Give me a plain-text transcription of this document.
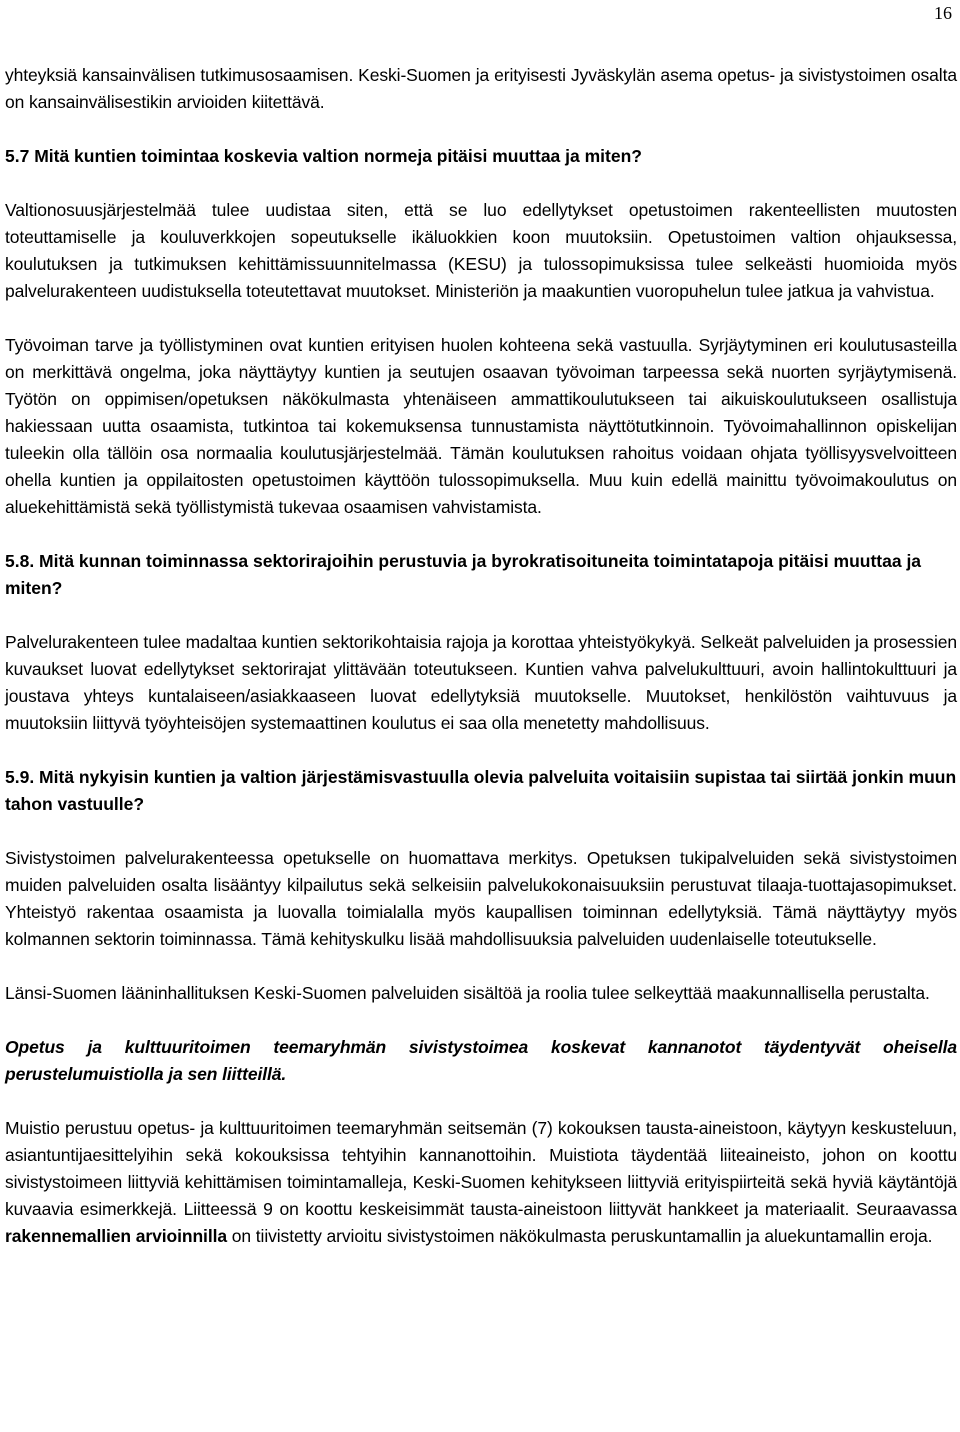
16

yhteyksiä kansainvälisen tutkimusosaamisen. Keski-Suomen ja erityisesti Jyväskylän asema opetus- ja sivistystoimen osalta on kansainvälisestikin arvioiden kiitettävä.

5.7 Mitä kuntien toimintaa koskevia valtion normeja pitäisi muuttaa ja miten?

Valtionosuusjärjestelmää tulee uudistaa siten, että se luo edellytykset opetustoimen rakenteellisten muutosten toteuttamiselle ja kouluverkkojen sopeutukselle ikäluokkien koon muutoksiin. Opetustoimen valtion ohjauksessa, koulutuksen ja tutkimuksen kehittämissuunnitelmassa (KESU) ja tulossopimuksissa tulee selkeästi huomioida myös palvelurakenteen uudistuksella toteutettavat muutokset. Ministeriön ja maakuntien vuoropuhelun tulee jatkua ja vahvistua.

Työvoiman tarve ja työllistyminen ovat kuntien erityisen huolen kohteena sekä vastuulla. Syrjäytyminen eri koulutusasteilla on merkittävä ongelma, joka näyttäytyy kuntien ja seutujen osaavan työvoiman tarpeessa sekä nuorten syrjäytymisenä. Työtön on oppimisen/opetuksen näkökulmasta yhtenäiseen ammattikoulutukseen tai aikuiskoulutukseen osallistuja hakiessaan uutta osaamista, tutkintoa tai kokemuksensa tunnustamista näyttötutkinnoin. Työvoimahallinnon opiskelijan tuleekin olla tällöin osa normaalia koulutusjärjestelmää. Tämän koulutuksen rahoitus voidaan ohjata työllisyysvelvoitteen ohella kuntien ja oppilaitosten opetustoimen käyttöön tulossopimuksella. Muu kuin edellä mainittu työvoimakoulutus on aluekehittämistä sekä työllistymistä tukevaa osaamisen vahvistamista.

5.8. Mitä kunnan toiminnassa sektorirajoihin perustuvia ja byrokratisoituneita toimintatapoja pitäisi muuttaa ja miten?

Palvelurakenteen tulee madaltaa kuntien sektorikohtaisia rajoja ja korottaa yhteistyökykyä. Selkeät palveluiden ja prosessien kuvaukset luovat edellytykset sektorirajat ylittävään toteutukseen. Kuntien vahva palvelukulttuuri, avoin hallintokulttuuri ja joustava yhteys kuntalaiseen/asiakkaaseen luovat edellytyksiä muutokselle. Muutokset, henkilöstön vaihtuvuus ja muutoksiin liittyvä työyhteisöjen systemaattinen koulutus ei saa olla menetetty mahdollisuus.

5.9. Mitä nykyisin kuntien ja valtion järjestämisvastuulla olevia palveluita voitaisiin supistaa tai siirtää jonkin muun tahon vastuulle?

Sivistystoimen palvelurakenteessa opetukselle on huomattava merkitys. Opetuksen tukipalveluiden sekä sivistystoimen muiden palveluiden osalta lisääntyy kilpailutus sekä selkeisiin palvelukokonaisuuksiin perustuvat tilaaja-tuottajasopimukset. Yhteistyö rakentaa osaamista ja luovalla toimialalla myös kaupallisen toiminnan edellytyksiä. Tämä näyttäytyy myös kolmannen sektorin toiminnassa. Tämä kehityskulku lisää mahdollisuuksia palveluiden uudenlaiselle toteutukselle.

Länsi-Suomen lääninhallituksen Keski-Suomen palveluiden sisältöä ja roolia tulee selkeyttää maakunnallisella perustalta.

Opetus ja kulttuuritoimen teemaryhmän sivistystoimea koskevat kannanotot täydentyvät oheisella perustelumuistiolla ja sen liitteillä.

Muistio perustuu opetus- ja kulttuuritoimen teemaryhmän seitsemän (7) kokouksen tausta-aineistoon, käytyyn keskusteluun, asiantuntijaesittelyihin sekä kokouksissa tehtyihin kannanottoihin. Muistiota täydentää liiteaineisto, johon on koottu sivistystoimeen liittyviä kehittämisen toimintamalleja, Keski-Suomen kehitykseen liittyviä erityispiirteitä sekä hyviä käytäntöjä kuvaavia esimerkkejä. Liitteessä 9 on koottu keskeisimmät tausta-aineistoon liittyvät hankkeet ja materiaalit. Seuraavassa rakennemallien arvioinnilla on tiivistetty arvioitu sivistystoimen näkökulmasta peruskuntamallin ja aluekuntamallin eroja.
